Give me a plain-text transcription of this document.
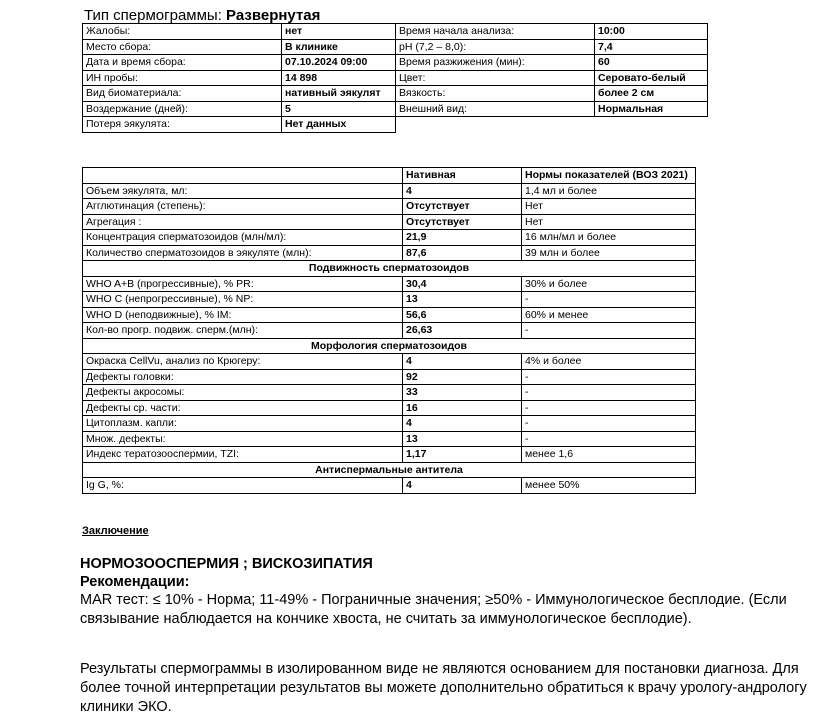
Тип спермограммы: Развернутая
Жалобы:	нет	Время начала анализа:	10:00
Место сбора:	В клинике	pH (7,2 – 8,0):	7,4
Дата и время сбора:	07.10.2024 09:00	Время разжижения (мин):	60
ИН пробы:	14 898	Цвет:	Серовато-белый
Вид биоматериала:	нативный эякулят	Вязкость:	более 2 см
Воздержание (дней):	5	Внешний вид:	Нормальная
Потеря эякулята:	Нет данных		
	Нативная	Нормы показателей (ВОЗ 2021)
Объем эякулята, мл:	4	1,4 мл и более
Агглютинация (степень):	Отсутствует	Нет
Агрегация :	Отсутствует	Нет
Концентрация сперматозоидов (млн/мл):	21,9	16 млн/мл и более
Количество сперматозоидов в эякуляте (млн):	87,6	39 млн и более
Подвижность сперматозоидов		
WHO A+B (прогрессивные), % PR:	30,4	30% и более
WHO C (непрогрессивные), % NP:	13	-
WHO D (неподвижные), % IM:	56,6	60% и менее
Кол-во прогр. подвиж. сперм.(млн):	26,63	-
Морфология сперматозоидов		
Окраска CellVu, анализ по Крюгеру:	4	4% и более
Дефекты головки:	92	-
Дефекты акросомы:	33	-
Дефекты ср. части:	16	-
Цитоплазм. капли:	4	-
Множ. дефекты:	13	-
Индекс тератозооспермии, TZI:	1,17	менее 1,6
Антиспермальные антитела		
Ig G, %:	4	менее 50%
Заключение
НОРМОЗООСПЕРМИЯ ; ВИСКОЗИПАТИЯ
Рекомендации:
MAR тест: ≤ 10% - Норма; 11-49% - Пограничные значения; ≥50% - Иммунологическое бесплодие. (Если связывание наблюдается на кончике хвоста, не считать за иммунологическое бесплодие).
Результаты спермограммы в изолированном виде не являются основанием для постановки диагноза. Для более точной интерпретации результатов вы можете дополнительно обратиться к врачу урологу-андрологу клиники ЭКО.
